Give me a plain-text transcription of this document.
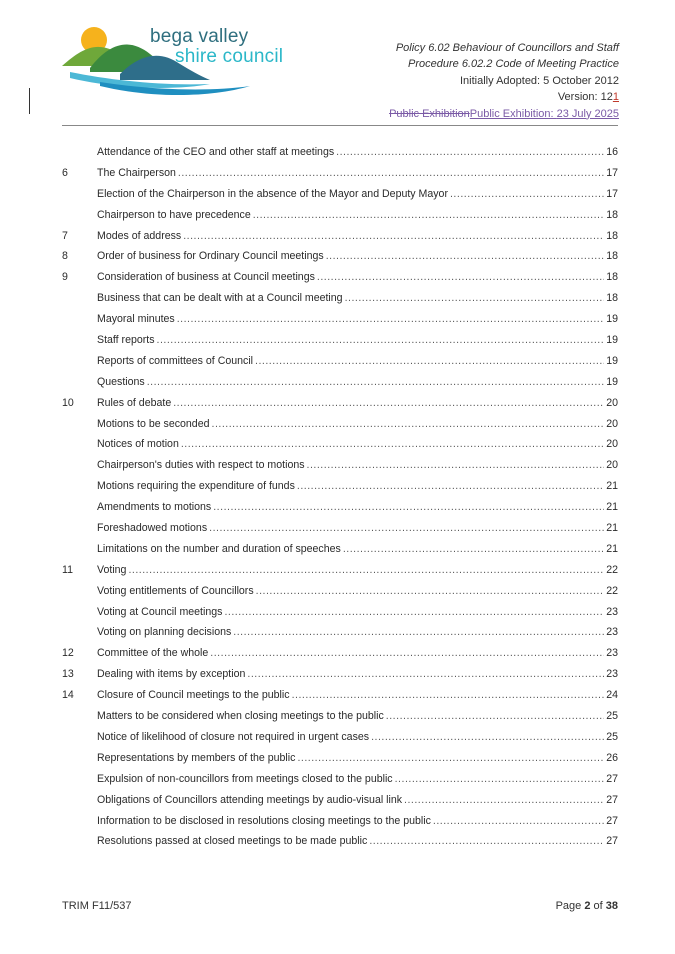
bega valley
shire council	Policy 6.02 Behaviour of Councillors and Staff
Procedure 6.02.2 Code of Meeting Practice
Initially Adopted: 5 October 2012
Version: 121
Public ExhibitionPublic Exhibition: 23 July 2025
Attendance of the CEO and other staff at meetings .....	16
6	The Chairperson .....	17
Election of the Chairperson in the absence of the Mayor and Deputy Mayor .....	17
Chairperson to have precedence .....	18
7	Modes of address .....	18
8	Order of business for Ordinary Council meetings .....	18
9	Consideration of business at Council meetings .....	18
Business that can be dealt with at a Council meeting .....	18
Mayoral minutes .....	19
Staff reports .....	19
Reports of committees of Council .....	19
Questions .....	19
10	Rules of debate .....	20
Motions to be seconded .....	20
Notices of motion .....	20
Chairperson's duties with respect to motions .....	20
Motions requiring the expenditure of funds .....	21
Amendments to motions .....	21
Foreshadowed motions .....	21
Limitations on the number and duration of speeches .....	21
11	Voting .....	22
Voting entitlements of Councillors .....	22
Voting at Council meetings .....	23
Voting on planning decisions .....	23
12	Committee of the whole .....	23
13	Dealing with items by exception .....	23
14	Closure of Council meetings to the public .....	24
Matters to be considered when closing meetings to the public .....	25
Notice of likelihood of closure not required in urgent cases .....	25
Representations by members of the public .....	26
Expulsion of non-councillors from meetings closed to the public .....	27
Obligations of Councillors attending meetings by audio-visual link .....	27
Information to be disclosed in resolutions closing meetings to the public .....	27
Resolutions passed at closed meetings to be made public .....	27
TRIM F11/537	Page 2 of 38
